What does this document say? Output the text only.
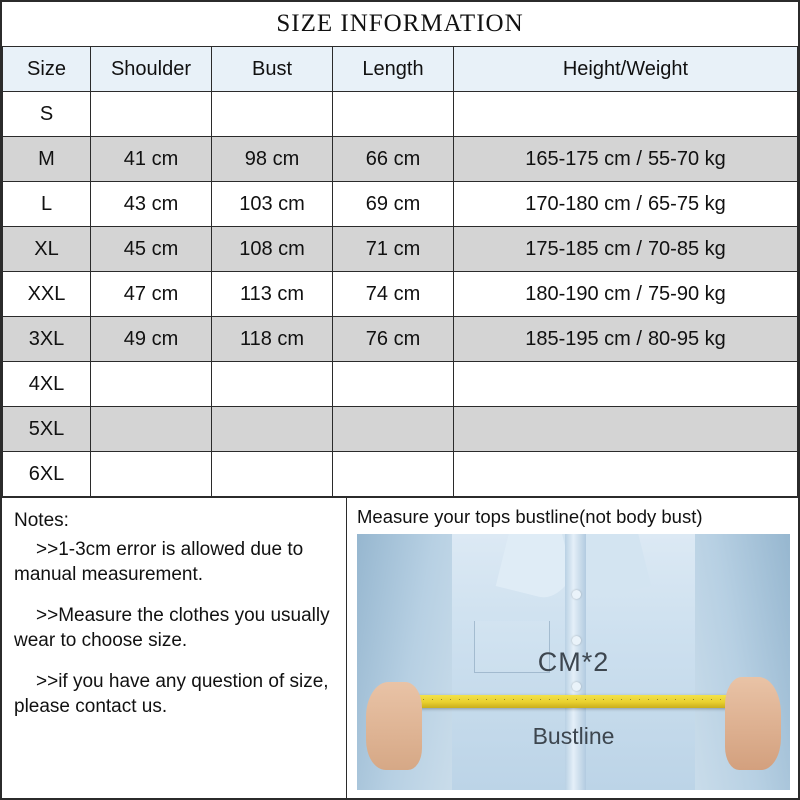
SIZE INFORMATION
Size	Shoulder	Bust	Length	Height/Weight
S				

M	41 cm	98 cm	66 cm	165-175 cm / 55-70 kg

L	43 cm	103 cm	69 cm	170-180 cm / 65-75 kg

XL	45 cm	108 cm	71 cm	175-185 cm / 70-85 kg

XXL	47 cm	113 cm	74 cm	180-190 cm / 75-90 kg

3XL	49 cm	118 cm	76 cm	185-195 cm / 80-95 kg

4XL				

5XL				

6XL				
Notes:

>>1-3cm error is allowed due to manual measurement.

>>Measure the clothes you usually wear to choose size.

>>if you have any question of size, please contact us.

Measure your tops bustline(not body bust)
CM*2
Bustline
